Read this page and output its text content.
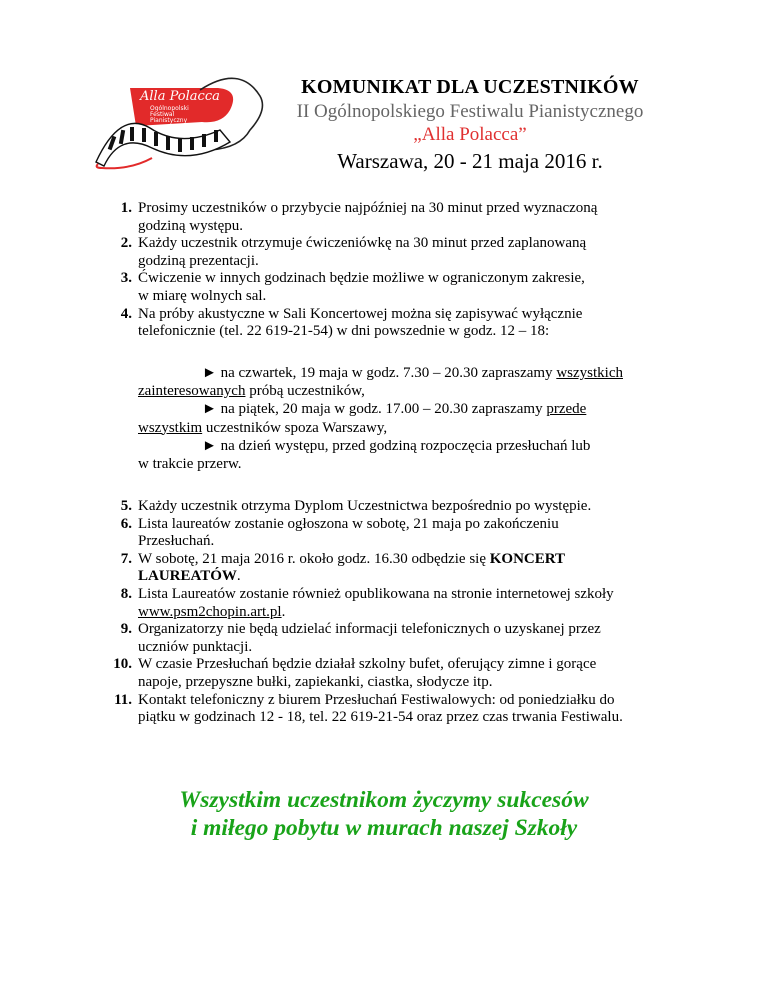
Alla Polacca
Ogólnopolski
Festiwal
Pianistyczny
KOMUNIKAT DLA UCZESTNIKÓW
II Ogólnopolskiego Festiwalu Pianistycznego
„Alla Polacca”
Warszawa, 20 - 21 maja 2016 r.
1. Prosimy uczestników o przybycie najpóźniej na 30 minut przed wyznaczoną
godziną występu.
2. Każdy uczestnik otrzymuje ćwiczeniówkę na 30 minut przed zaplanowaną
godziną prezentacji.
3. Ćwiczenie w innych godzinach będzie możliwe w ograniczonym zakresie,
w miarę wolnych sal.
4. Na próby akustyczne w Sali Koncertowej można się zapisywać wyłącznie
telefonicznie (tel. 22 619-21-54) w dni powszednie w godz. 12 – 18:
► na czwartek, 19 maja w godz. 7.30 – 20.30 zapraszamy wszystkich
zainteresowanych próbą uczestników,
► na piątek, 20 maja w godz. 17.00 – 20.30 zapraszamy przede
wszystkim uczestników spoza Warszawy,
► na dzień występu, przed godziną rozpoczęcia przesłuchań lub
w trakcie przerw.
5. Każdy uczestnik otrzyma Dyplom Uczestnictwa bezpośrednio po występie.
6. Lista laureatów zostanie ogłoszona w sobotę, 21 maja po zakończeniu
Przesłuchań.
7. W sobotę, 21 maja 2016 r. około godz. 16.30 odbędzie się KONCERT
LAUREATÓW.
8. Lista Laureatów zostanie również opublikowana na stronie internetowej szkoły
www.psm2chopin.art.pl.
9. Organizatorzy nie będą udzielać informacji telefonicznych o uzyskanej przez
uczniów punktacji.
10. W czasie Przesłuchań będzie działał szkolny bufet, oferujący zimne i gorące
napoje, przepyszne bułki, zapiekanki, ciastka, słodycze itp.
11. Kontakt telefoniczny z biurem Przesłuchań Festiwalowych: od poniedziałku do
piątku w godzinach 12 - 18, tel. 22 619-21-54 oraz przez czas trwania Festiwalu.
Wszystkim uczestnikom życzymy sukcesów
i miłego pobytu w murach naszej Szkoły
